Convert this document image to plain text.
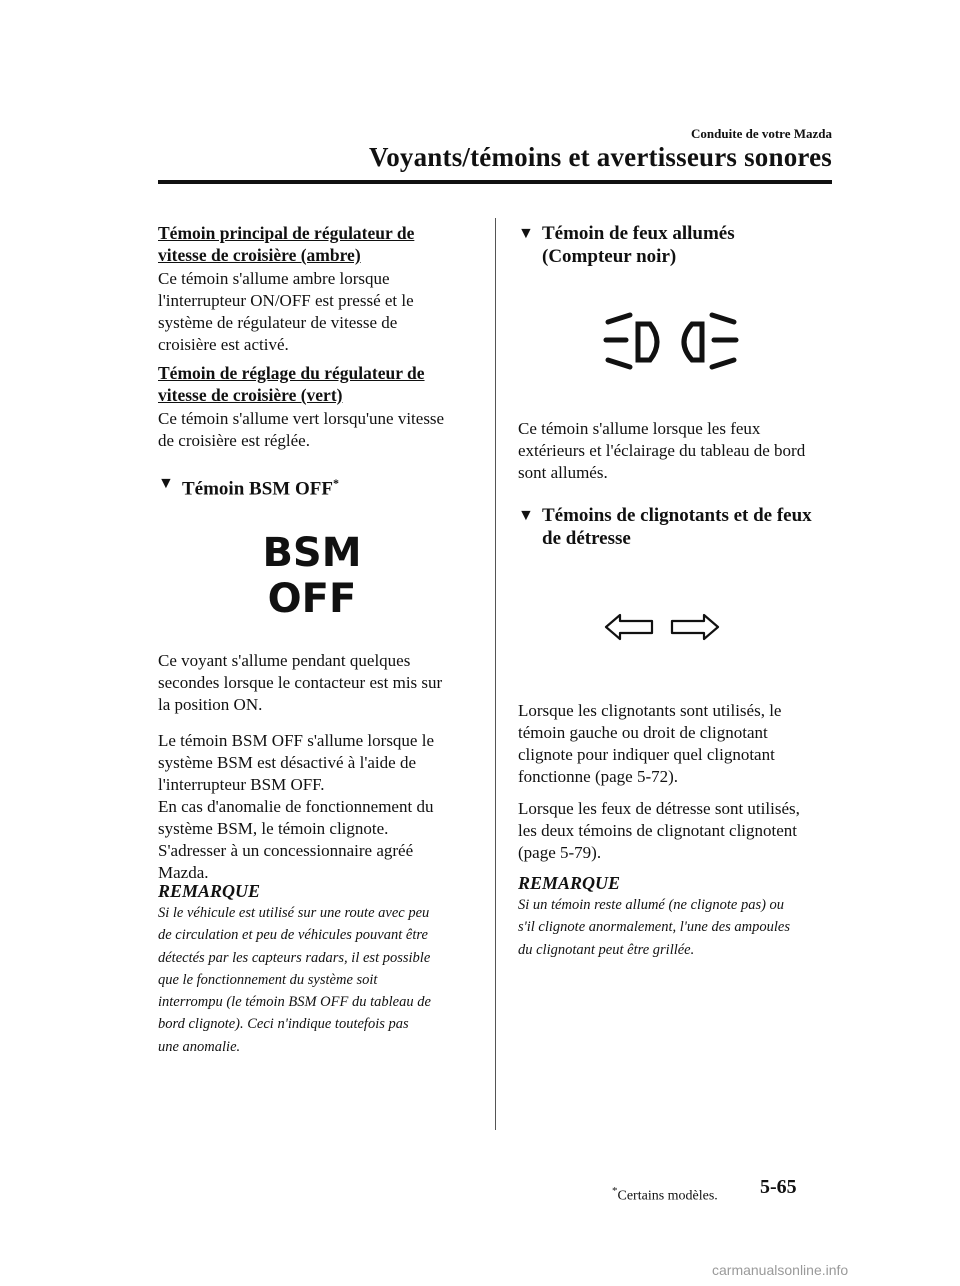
Conduite de votre Mazda
Voyants/témoins et avertisseurs sonores

Témoin principal de régulateur de
vitesse de croisière (ambre)

Ce témoin s'allume ambre lorsque
l'interrupteur ON/OFF est pressé et le
système de régulateur de vitesse de
croisière est activé.

Témoin de réglage du régulateur de
vitesse de croisière (vert)

Ce témoin s'allume vert lorsqu'une vitesse
de croisière est réglée.

▼ Témoin BSM OFF*

BSM
OFF

Ce voyant s'allume pendant quelques
secondes lorsque le contacteur est mis sur
la position ON.

Le témoin BSM OFF s'allume lorsque le
système BSM est désactivé à l'aide de
l'interrupteur BSM OFF.
En cas d'anomalie de fonctionnement du
système BSM, le témoin clignote.
S'adresser à un concessionnaire agréé
Mazda.

REMARQUE

Si le véhicule est utilisé sur une route avec peu
de circulation et peu de véhicules pouvant être
détectés par les capteurs radars, il est possible
que le fonctionnement du système soit
interrompu (le témoin BSM OFF du tableau de
bord clignote). Ceci n'indique toutefois pas
une anomalie.

▼ Témoin de feux allumés
(Compteur noir)

Ce témoin s'allume lorsque les feux
extérieurs et l'éclairage du tableau de bord
sont allumés.

▼ Témoins de clignotants et de feux
de détresse

Lorsque les clignotants sont utilisés, le
témoin gauche ou droit de clignotant
clignote pour indiquer quel clignotant
fonctionne (page 5-72).

Lorsque les feux de détresse sont utilisés,
les deux témoins de clignotant clignotent
(page 5-79).

REMARQUE

Si un témoin reste allumé (ne clignote pas) ou
s'il clignote anormalement, l'une des ampoules
du clignotant peut être grillée.

*Certains modèles. 5-65
carmanualsonline.info
